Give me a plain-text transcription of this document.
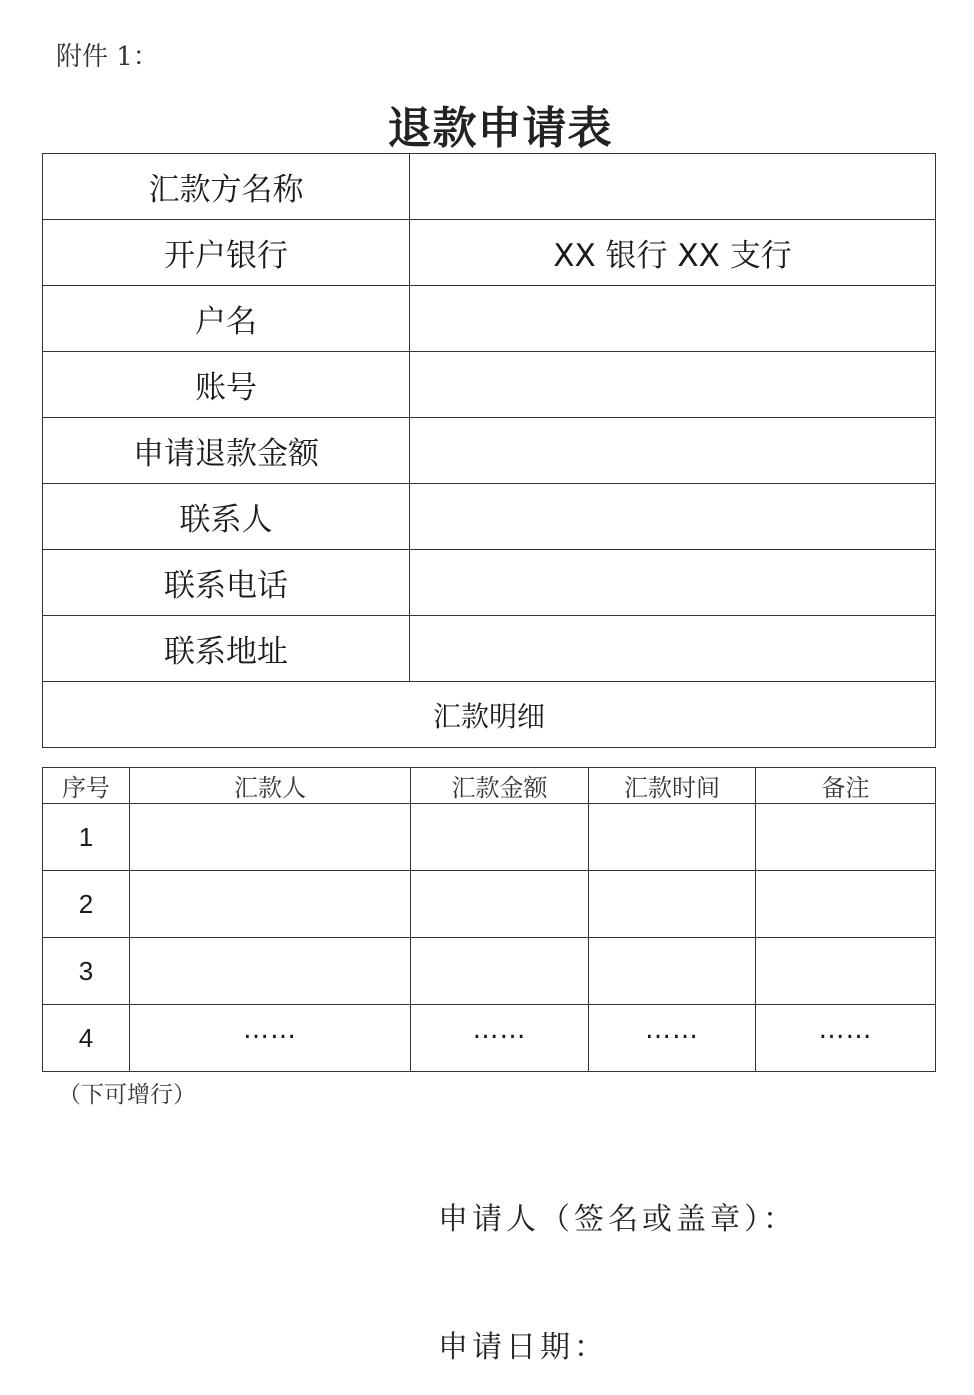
附件 1：
退款申请表
汇款方名称	
开户银行	XX 银行 XX 支行
户名	
账号	
申请退款金额	
联系人	
联系电话	
联系地址	
汇款明细	
序号	汇款人	汇款金额	汇款时间	备注
1				
2				
3				
4	……	……	……	……
（下可增行）
申请人（签名或盖章）：
申请日期：
